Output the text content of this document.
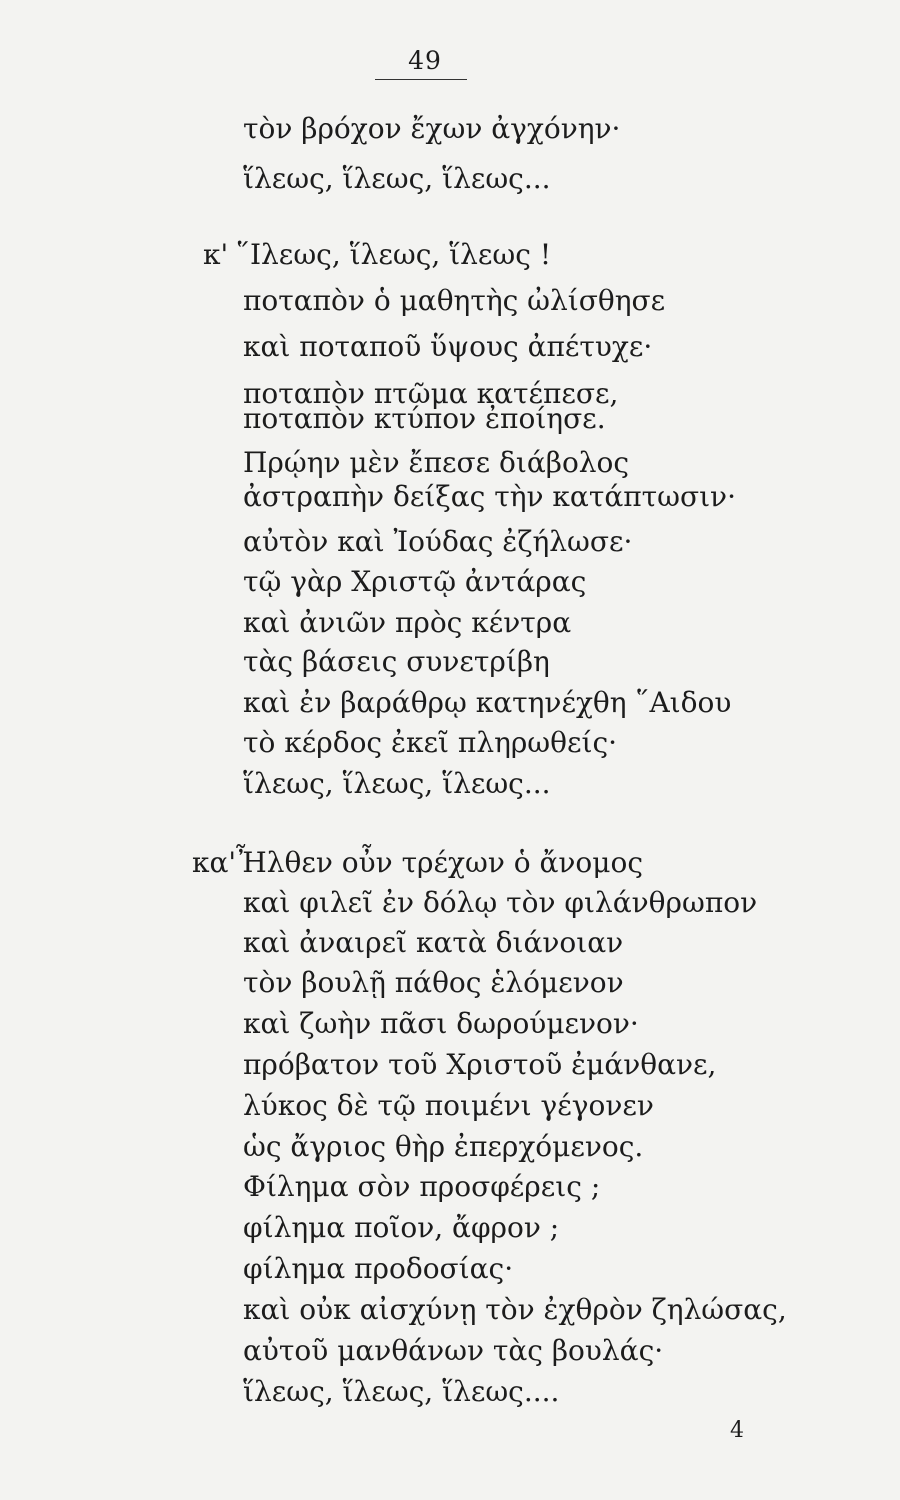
49
τὸν βρόχον ἔχων ἀγχόνην·
ἵλεως, ἵλεως, ἵλεως...
κ' ῞Ιλεως, ἵλεως, ἵλεως !
ποταπὸν ὁ μαθητὴς ὠλίσθησε
καὶ ποταποῦ ὕψους ἀπέτυχε·
ποταπὸν πτῶμα κατέπεσε,
ποταπὸν κτύπον ἐποίησε.
Πρῴην μὲν ἔπεσε διάβολος
ἀστραπὴν δείξας τὴν κατάπτωσιν·
αὐτὸν καὶ Ἰούδας ἐζήλωσε·
τῷ γὰρ Χριστῷ ἀντάρας
καὶ ἀνιῶν πρὸς κέντρα
τὰς βάσεις συνετρίβη
καὶ ἐν βαράθρῳ κατηνέχθη ῞Αιδου
τὸ κέρδος ἐκεῖ πληρωθείς·
ἵλεως, ἵλεως, ἵλεως...
κα' Ἦλθεν οὖν τρέχων ὁ ἄνομος
καὶ φιλεῖ ἐν δόλῳ τὸν φιλάνθρωπον
καὶ ἀναιρεῖ κατὰ διάνοιαν
τὸν βουλῇ πάθος ἑλόμενον
καὶ ζωὴν πᾶσι δωρούμενον·
πρόβατον τοῦ Χριστοῦ ἐμάνθανε,
λύκος δὲ τῷ ποιμένι γέγονεν
ὡς ἄγριος θὴρ ἐπερχόμενος.
Φίλημα σὸν προσφέρεις ;
φίλημα ποῖον, ἄφρον ;
φίλημα προδοσίας·
καὶ οὐκ αἰσχύνῃ τὸν ἐχθρὸν ζηλώσας,
αὐτοῦ μανθάνων τὰς βουλάς·
ἵλεως, ἵλεως, ἵλεως....
4
